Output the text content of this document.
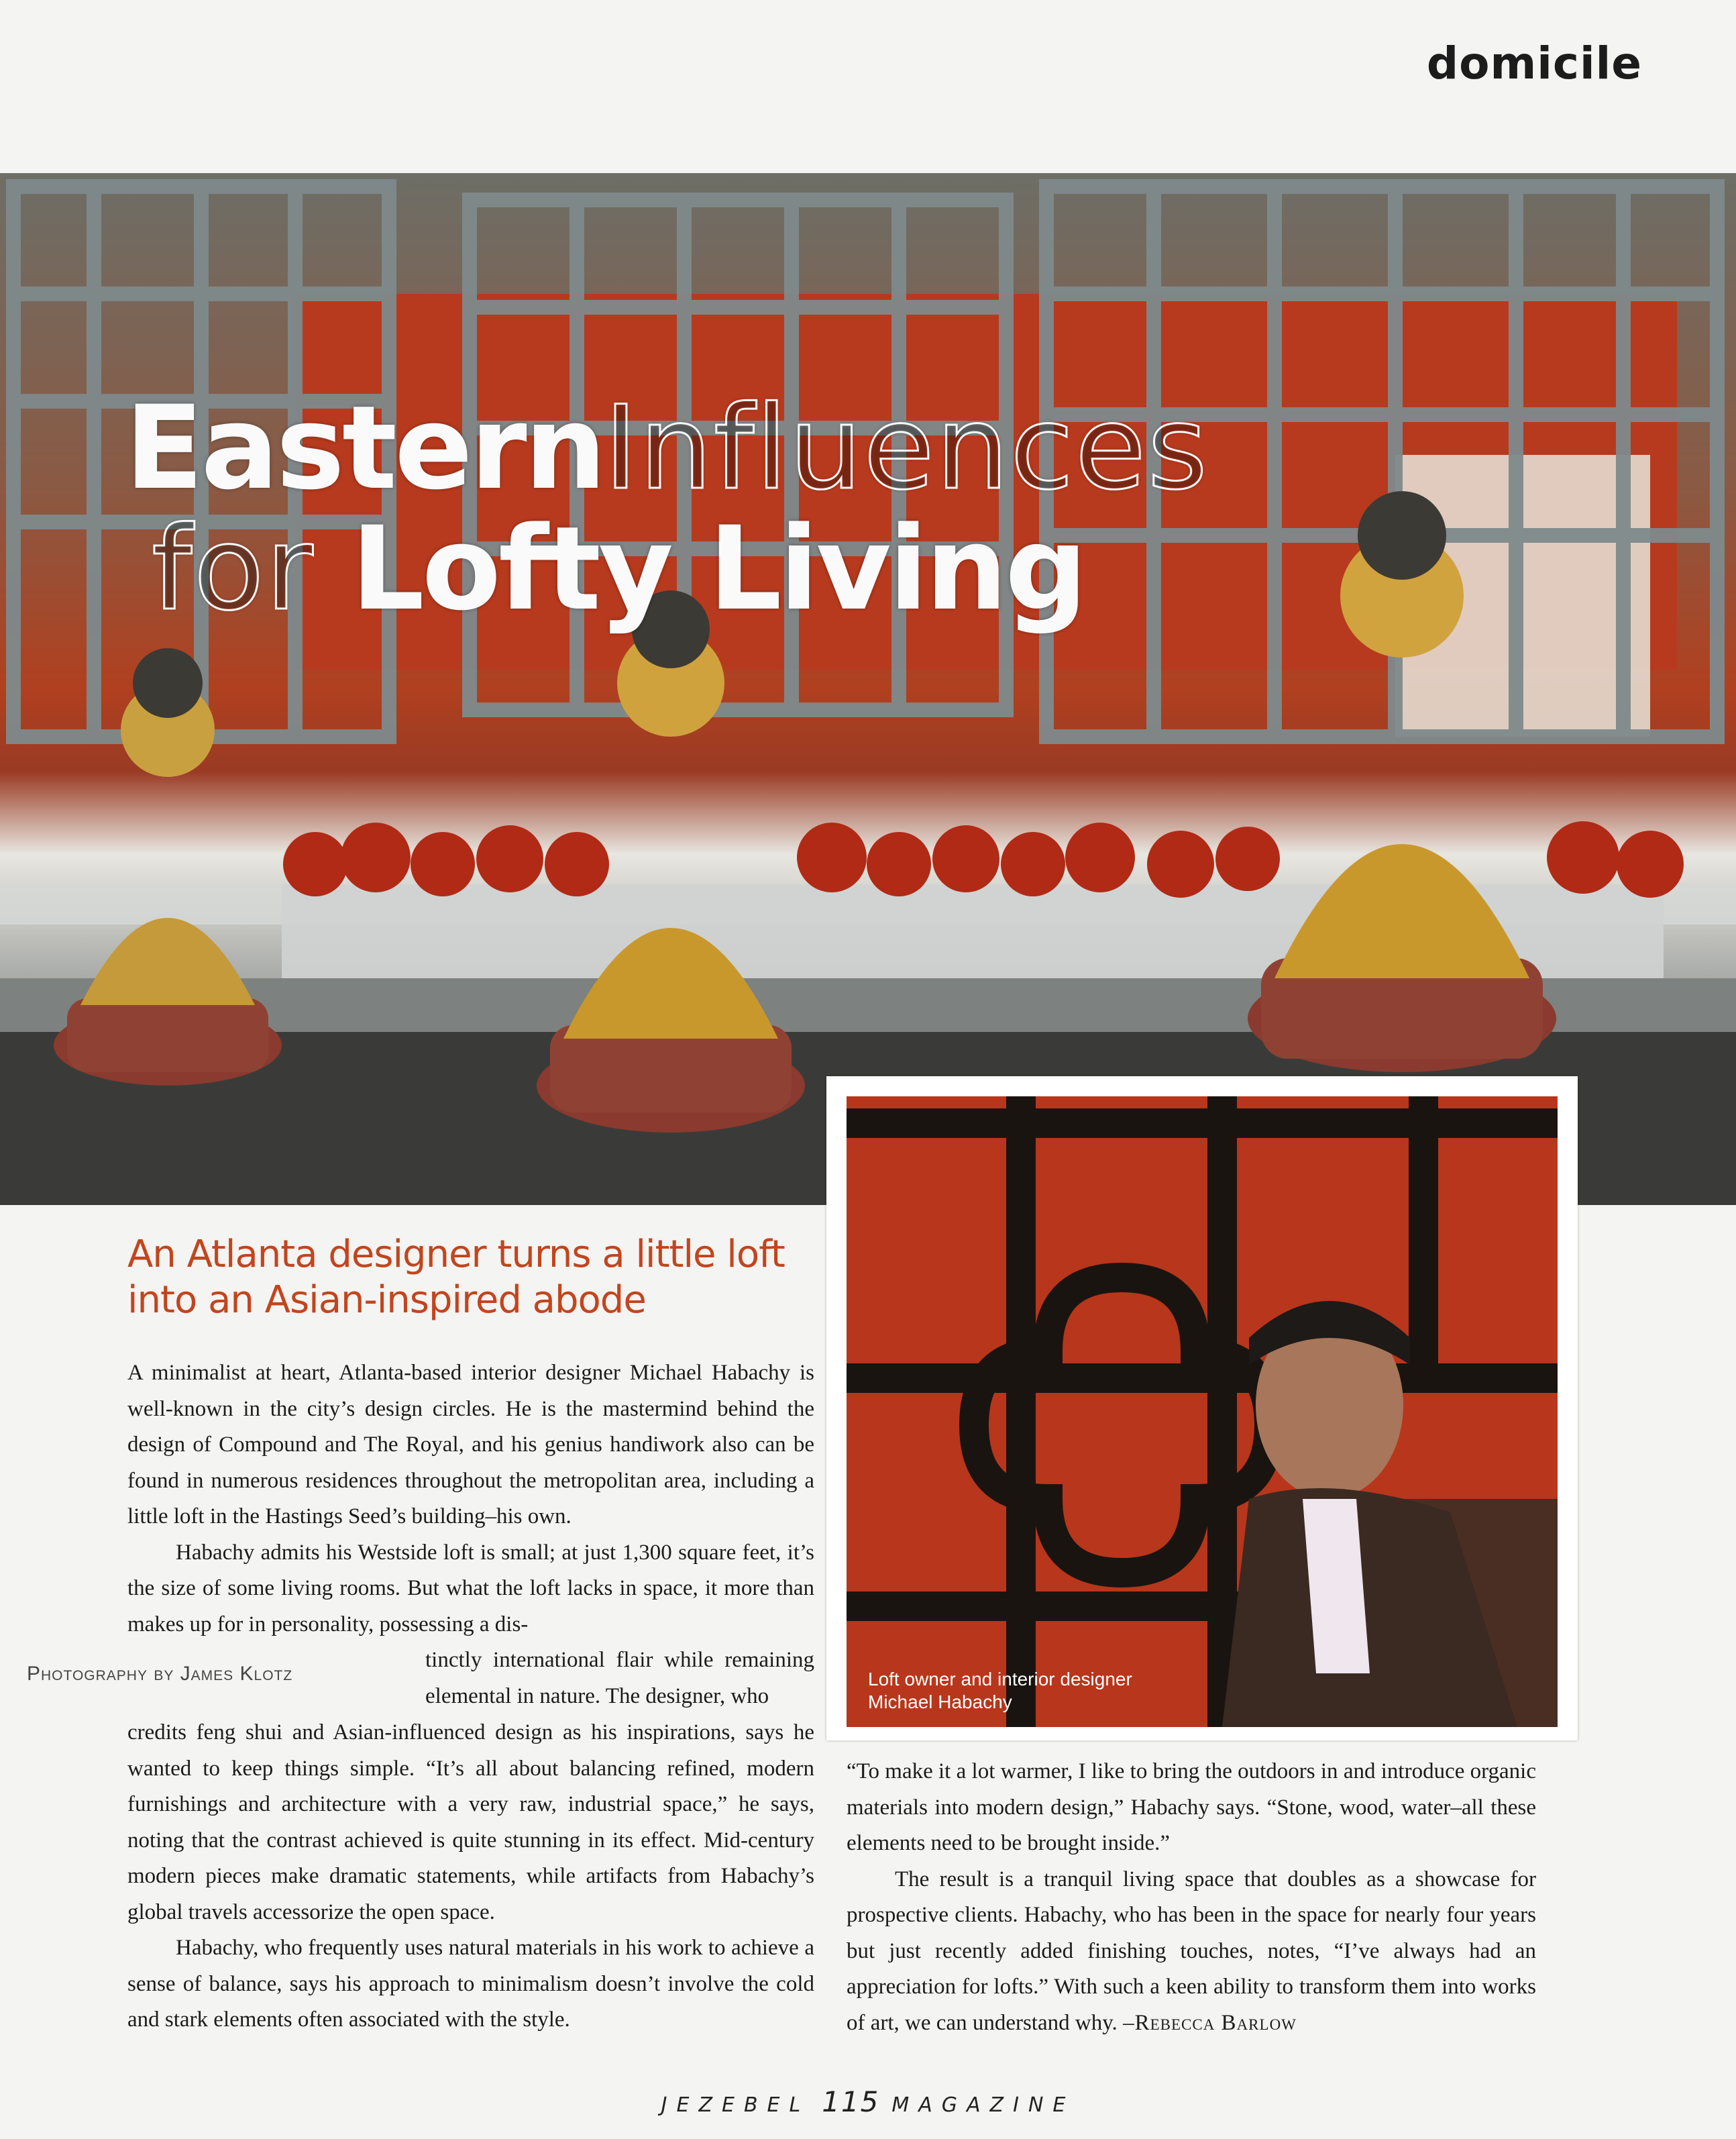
domicile
EasternInfluences
for Lofty Living
Loft owner and interior designer
Michael Habachy
An Atlanta designer turns a little loft into an Asian-inspired abode

A minimalist at heart, Atlanta-based interior designer Michael Habachy is well-known in the city’s design circles. He is the mastermind behind the design of Compound and The Royal, and his genius handiwork also can be found in numerous residences throughout the metropolitan area, including a little loft in the Hastings Seed’s building–his own.

Habachy admits his Westside loft is small; at just 1,300 square feet, it’s the size of some living rooms. But what the loft lacks in space, it more than makes up for in personality, possessing a dis-

Photography by James Klotz

tinctly international flair while remaining elemental in nature. The designer, who

credits feng shui and Asian-influenced design as his inspirations, says he wanted to keep things simple. “It’s all about balancing refined, modern furnishings and architecture with a very raw, industrial space,” he says, noting that the contrast achieved is quite stunning in its effect. Mid-century modern pieces make dramatic statements, while artifacts from Habachy’s global travels accessorize the open space.

Habachy, who frequently uses natural materials in his work to achieve a sense of balance, says his approach to minimalism doesn’t involve the cold and stark elements often associated with the style.

“To make it a lot warmer, I like to bring the outdoors in and introduce organic materials into modern design,” Habachy says. “Stone, wood, water–all these elements need to be brought inside.”

The result is a tranquil living space that doubles as a showcase for prospective clients. Habachy, who has been in the space for nearly four years but just recently added finishing touches, notes, “I’ve always had an appreciation for lofts.” With such a keen ability to transform them into works of art, we can understand why. –Rebecca Barlow

JEZEBEL 115 MAGAZINE
